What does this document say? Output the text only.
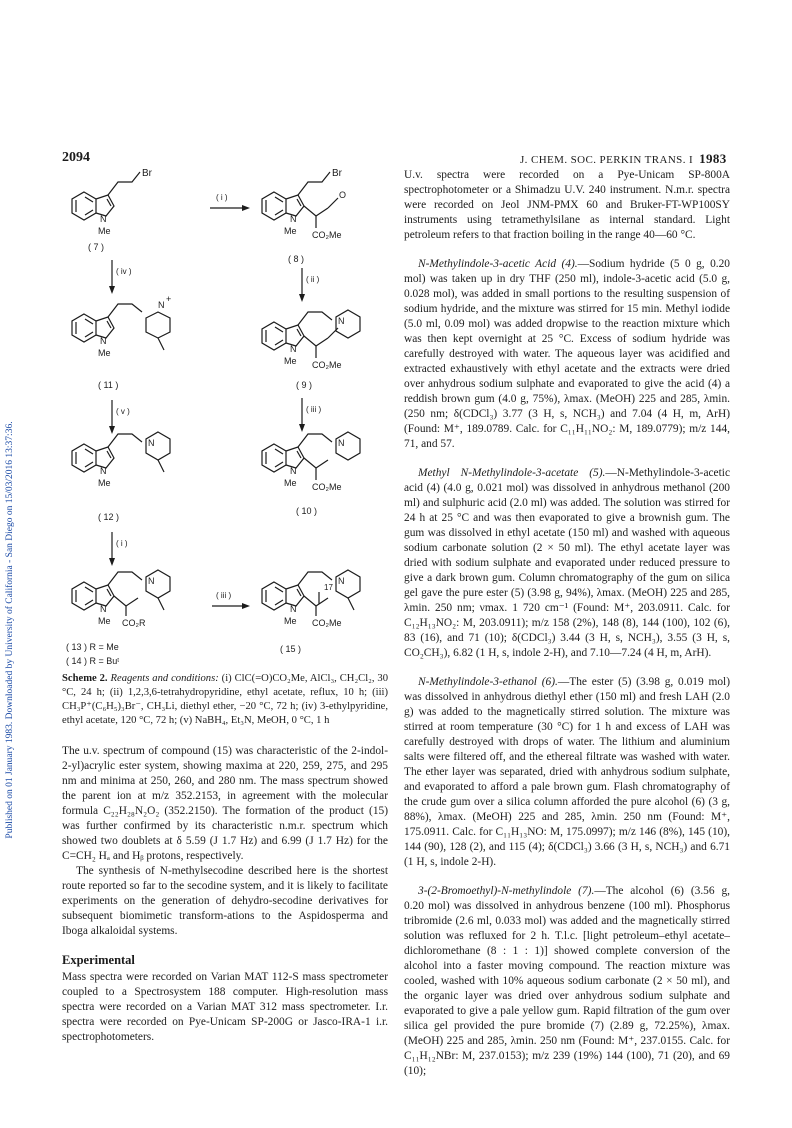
Published on 01 January 1983. Downloaded by University of California - San Diego on 15/03/2016 13:37:36.
2094	J. CHEM. SOC. PERKIN TRANS. I 1983
Br
N
Me
( 7 )
( i )
Br
O
CO₂Me
N
Me
( 8 )
( iv )
( ii )
N
+
N
Me
( 11 )
N
CO₂Me
N
Me
( 9 )
( v )	( iii )
N
N
Me
( 12 )
N
CO₂Me
N
Me
( 10 )
( i )
N
CO₂R
N
Me
( 13 ) R = Me
( 14 ) R = Buᵗ
( iii )
N
17
CO₂Me
N
Me
( 15 )
Scheme 2. Reagents and conditions: (i) ClC(=O)CO₂Me, AlCl₃, CH₂Cl₂, 30 °C, 24 h; (ii) 1,2,3,6-tetrahydropyridine, ethyl acetate, reflux, 10 h; (iii) CH₃P⁺(C₆H₅)₃Br⁻, CH₃Li, diethyl ether, −20 °C, 72 h; (iv) 3-ethylpyridine, ethyl acetate, 120 °C, 72 h; (v) NaBH₄, Et₃N, MeOH, 0 °C, 1 h

The u.v. spectrum of compound (15) was characteristic of the 2-indol-2-yl)acrylic ester system, showing maxima at 220, 259, 275, and 295 nm and minima at 250, 260, and 280 nm. The mass spectrum showed the parent ion at m/z 352.2153, in agreement with the molecular formula C₂₂H₂₈N₂O₂ (352.2150). The formation of the product (15) was further confirmed by its characteristic n.m.r. spectrum which showed two doublets at δ 5.59 (J 1.7 Hz) and 6.99 (J 1.7 Hz) for the C=CH₂ Hₐ and Hᵦ protons, respectively.

The synthesis of N-methylsecodine described here is the shortest route reported so far to the secodine system, and it is likely to facilitate experiments on the generation of dehydro-secodine derivatives for subsequent biomimetic transform-ations to the Aspidosperma and Iboga alkaloidal systems.

Experimental

Mass spectra were recorded on Varian MAT 112-S mass spectrometer coupled to a Spectrosystem 188 computer. High-resolution mass spectra were recorded on a Varian MAT 312 mass spectrometer. I.r. spectra were recorded on Pye-Unicam SP-200G or Jasco-IRA-1 i.r. spectrophotometers.

U.v. spectra were recorded on a Pye-Unicam SP-800A spectrophotometer or a Shimadzu U.V. 240 instrument. N.m.r. spectra were recorded on Jeol JNM-PMX 60 and Bruker-FT-WP100SY instruments using tetramethylsilane as internal standard. Light petroleum refers to that fraction boiling in the range 40—60 °C.

N-Methylindole-3-acetic Acid (4).—Sodium hydride (5 0 g, 0.20 mol) was taken up in dry THF (250 ml), indole-3-acetic acid (5.0 g, 0.028 mol), was added in small portions to the resulting suspension of sodium hydride, and the mixture was stirred for 15 min. Methyl iodide (5.0 ml, 0.09 mol) was added dropwise to the reaction mixture which was then kept overnight at 25 °C. Excess of sodium hydride was carefully destroyed with water. The aqueous layer was acidified and extracted exhaustively with ethyl acetate and the extracts were dried over anhydrous sodium sulphate and evaporated to give the acid (4) a reddish brown gum (4.0 g, 75%), λmax. (MeOH) 225 and 285, λmin. (250 nm; δ(CDCl₃) 3.77 (3 H, s, NCH₃) and 7.04 (4 H, m, ArH) (Found: M⁺, 189.0789. Calc. for C₁₁H₁₁NO₂: M, 189.0779); m/z 144, 71, and 57.

Methyl N-Methylindole-3-acetate (5).—N-Methylindole-3-acetic acid (4) (4.0 g, 0.021 mol) was dissolved in anhydrous methanol (200 ml) and sulphuric acid (2.0 ml) was added. The solution was stirred for 24 h at 25 °C and was then evaporated to give a brownish gum. The gum was dissolved in ethyl acetate (150 ml) and washed with aqueous sodium carbonate solution (2 × 50 ml). The ethyl acetate layer was dried with sodium sulphate and evaporated under reduced pressure to give a dark brown gum. Column chromatography of the gum on silica gel gave the pure ester (5) (3.98 g, 94%), λmax. (MeOH) 225 and 285, λmin. 250 nm; νmax. 1 720 cm⁻¹ (Found: M⁺, 203.0911. Calc. for C₁₂H₁₃NO₂: M, 203.0911); m/z 158 (2%), 148 (8), 144 (100), 102 (6), 83 (16), and 71 (10); δ(CDCl₃) 3.44 (3 H, s, NCH₃), 3.55 (3 H, s, CO₂CH₃), 6.82 (1 H, s, indole 2-H), and 7.10—7.24 (4 H, m, ArH).

N-Methylindole-3-ethanol (6).—The ester (5) (3.98 g, 0.019 mol) was dissolved in anhydrous diethyl ether (150 ml) and fresh LAH (2.0 g) was added to the magnetically stirred solution. The mixture was stirred at room temperature (30 °C) for 1 h and excess of LAH was carefully destroyed with drops of water. The lithium and aluminium salts were filtered off, and the ethereal filtrate was washed with water. The ether layer was separated, dried with anhydrous sodium sulphate, and evaporated to afford a pale brown gum. Flash chromatography of the crude gum over a silica column afforded the pure alcohol (6) (3 g, 88%), λmax. (MeOH) 225 and 285, λmin. 250 nm (Found: M⁺, 175.0911. Calc. for C₁₁H₁₃NO: M, 175.0997); m/z 146 (8%), 145 (10), 144 (90), 128 (2), and 115 (4); δ(CDCl₃) 3.66 (3 H, s, NCH₃) and 6.71 (1 H, s, indole 2-H).

3-(2-Bromoethyl)-N-methylindole (7).—The alcohol (6) (3.56 g, 0.20 mol) was dissolved in anhydrous benzene (100 ml). Phosphorus tribromide (2.6 ml, 0.033 mol) was added and the magnetically stirred solution was refluxed for 2 h. T.l.c. [light petroleum–ethyl acetate–dichloromethane (8 : 1 : 1)] showed complete conversion of the alcohol into a faster moving compound. The reaction mixture was cooled, washed with 10% aqueous sodium carbonate (2 × 50 ml), and the organic layer was dried over anhydrous sodium sulphate and evaporated to give a pale yellow gum. Rapid filtration of the gum over silica gel provided the pure bromide (7) (2.89 g, 72.25%), λmax. (MeOH) 225 and 285, λmin. 250 nm (Found: M⁺, 237.0155. Calc. for C₁₁H₁₂NBr: M, 237.0153); m/z 239 (19%) 144 (100), 71 (20), and 69 (10);
